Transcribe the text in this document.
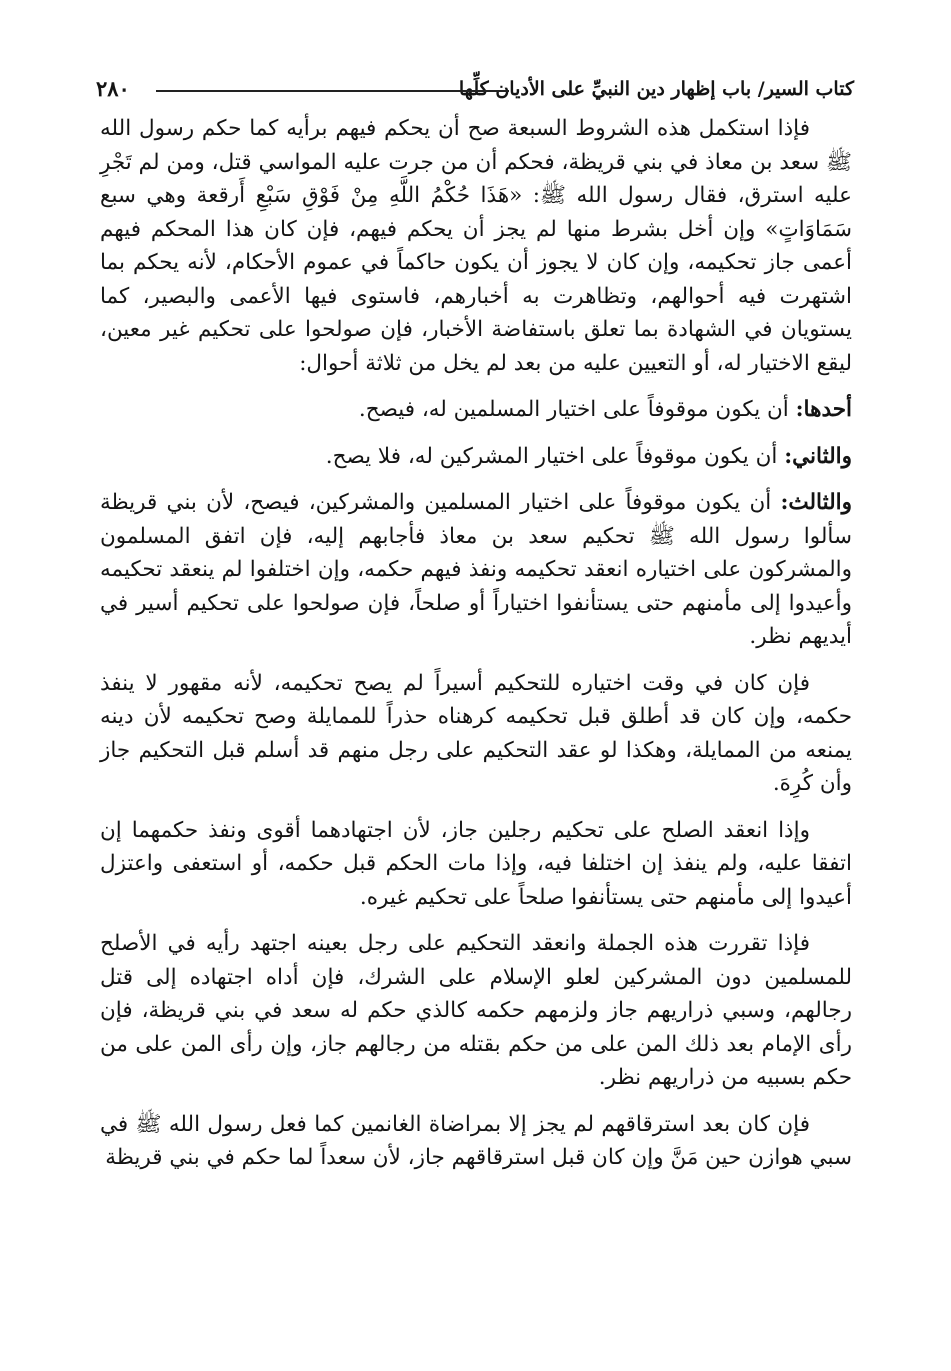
كتاب السير/ باب إظهار دين النبيِّ على الأديان كلِّها
٢٨٠

فإذا استكمل هذه الشروط السبعة صح أن يحكم فيهم برأيه كما حكم رسول الله ﷺ سعد بن معاذ في بني قريظة، فحكم أن من جرت عليه المواسي قتل، ومن لم تَجْرِ عليه استرق، فقال رسول الله ﷺ: «هَذَا حُكْمُ اللَّهِ مِنْ فَوْقِ سَبْعِ أَرقعة وهي سبع سَمَاوَاتٍ» وإن أخل بشرط منها لم يجز أن يحكم فيهم، فإن كان هذا المحكم فيهم أعمى جاز تحكيمه، وإن كان لا يجوز أن يكون حاكماً في عموم الأحكام، لأنه يحكم بما اشتهرت فيه أحوالهم، وتظاهرت به أخبارهم، فاستوى فيها الأعمى والبصير، كما يستويان في الشهادة بما تعلق باستفاضة الأخبار، فإن صولحوا على تحكيم غير معين، ليقع الاختيار له، أو التعيين عليه من بعد لم يخل من ثلاثة أحوال:

أحدها: أن يكون موقوفاً على اختيار المسلمين له، فيصح.

والثاني: أن يكون موقوفاً على اختيار المشركين له، فلا يصح.

والثالث: أن يكون موقوفاً على اختيار المسلمين والمشركين، فيصح، لأن بني قريظة سألوا رسول الله ﷺ تحكيم سعد بن معاذ فأجابهم إليه، فإن اتفق المسلمون والمشركون على اختياره انعقد تحكيمه ونفذ فيهم حكمه، وإن اختلفوا لم ينعقد تحكيمه وأعيدوا إلى مأمنهم حتى يستأنفوا اختياراً أو صلحاً، فإن صولحوا على تحكيم أسير في أيديهم نظر.

فإن كان في وقت اختياره للتحكيم أسيراً لم يصح تحكيمه، لأنه مقهور لا ينفذ حكمه، وإن كان قد أطلق قبل تحكيمه كرهناه حذراً للممايلة وصح تحكيمه لأن دينه يمنعه من الممايلة، وهكذا لو عقد التحكيم على رجل منهم قد أسلم قبل التحكيم جاز وأن كُرِهَ.

وإذا انعقد الصلح على تحكيم رجلين جاز، لأن اجتهادهما أقوى ونفذ حكمهما إن اتفقا عليه، ولم ينفذ إن اختلفا فيه، وإذا مات الحكم قبل حكمه، أو استعفى واعتزل أعيدوا إلى مأمنهم حتى يستأنفوا صلحاً على تحكيم غيره.

فإذا تقررت هذه الجملة وانعقد التحكيم على رجل بعينه اجتهد رأيه في الأصلح للمسلمين دون المشركين لعلو الإسلام على الشرك، فإن أداه اجتهاده إلى قتل رجالهم، وسبي ذراريهم جاز ولزمهم حكمه كالذي حكم له سعد في بني قريظة، فإن رأى الإمام بعد ذلك المن على من حكم بقتله من رجالهم جاز، وإن رأى المن على من حكم بسبيه من ذراريهم نظر.

فإن كان بعد استرقاقهم لم يجز إلا بمراضاة الغانمين كما فعل رسول الله ﷺ في سبي هوازن حين مَنَّ وإن كان قبل استرقاقهم جاز، لأن سعداً لما حكم في بني قريظة
